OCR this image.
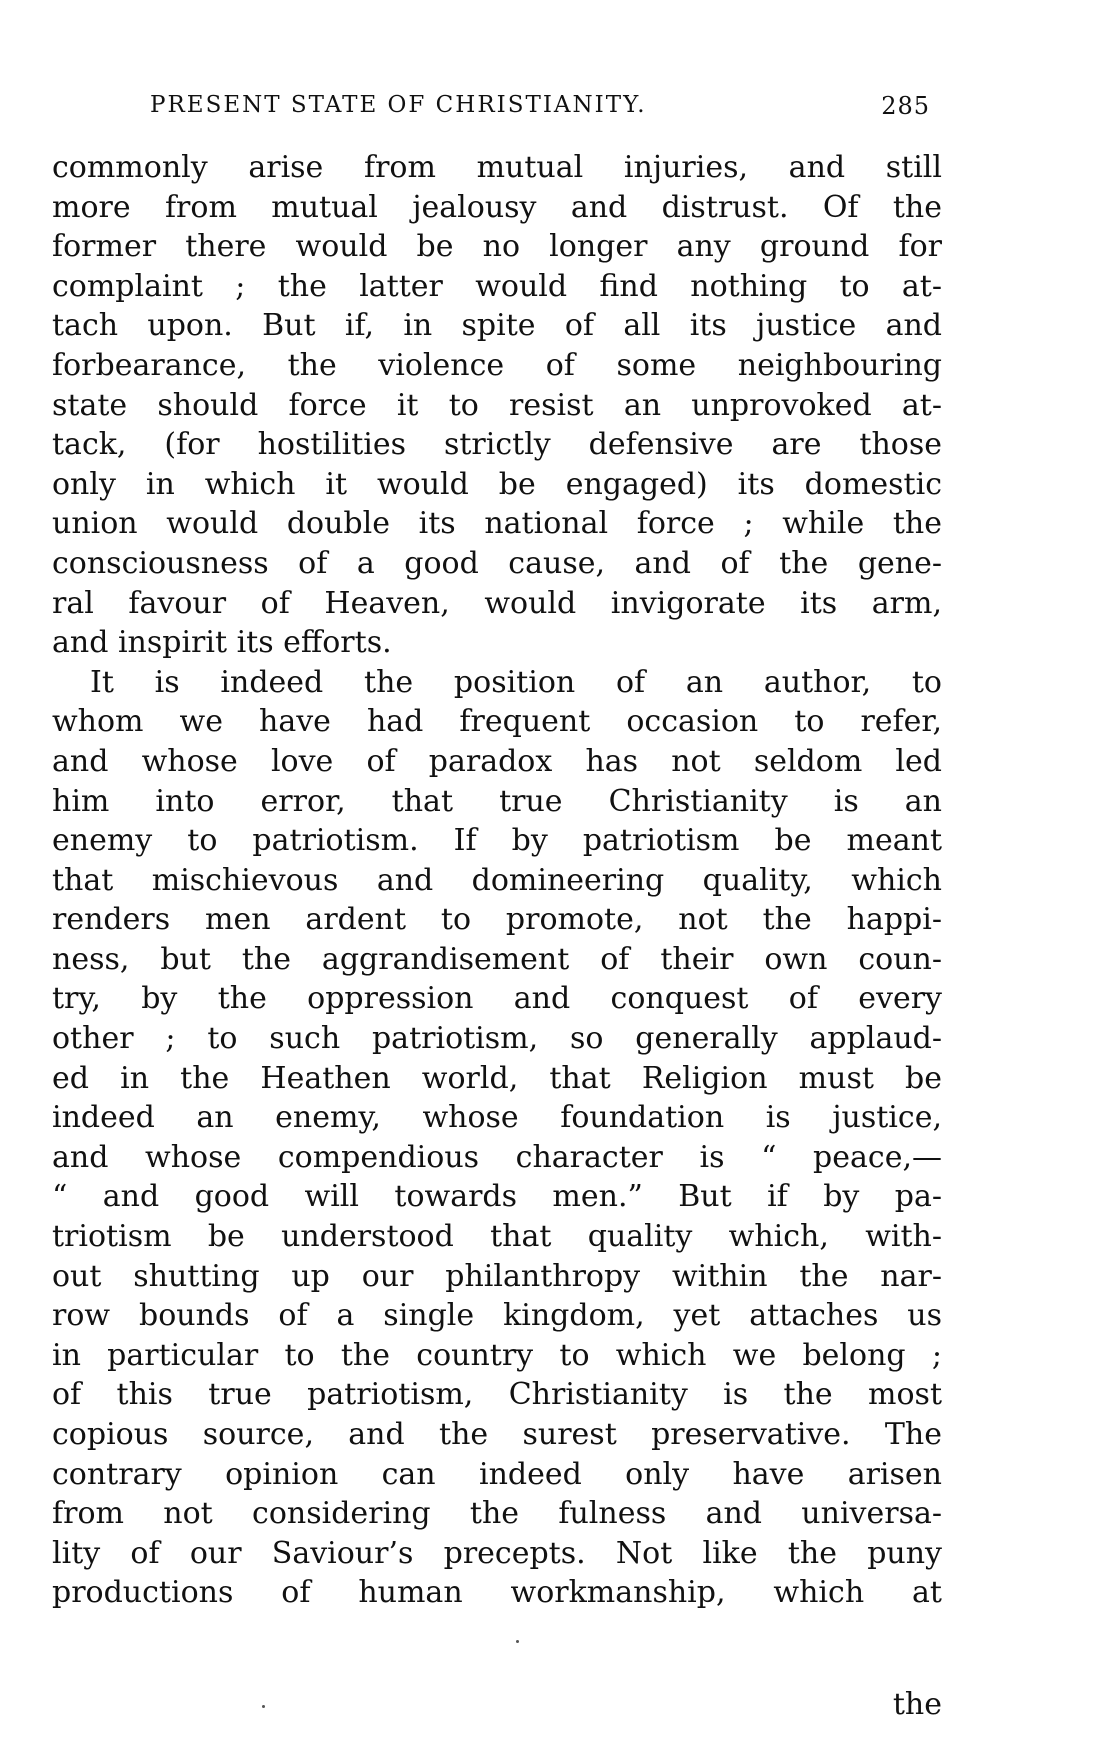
PRESENT STATE OF CHRISTIANITY.	285
commonly arise from mutual injuries, and still
more from mutual jealousy and distrust. Of the
former there would be no longer any ground for
complaint ; the latter would find nothing to at-
tach upon. But if, in spite of all its justice and
forbearance, the violence of some neighbouring
state should force it to resist an unprovoked at-
tack, (for hostilities strictly defensive are those
only in which it would be engaged) its domestic
union would double its national force ; while the
consciousness of a good cause, and of the gene-
ral favour of Heaven, would invigorate its arm,
and inspirit its efforts.
It is indeed the position of an author, to
whom we have had frequent occasion to refer,
and whose love of paradox has not seldom led
him into error, that true Christianity is an
enemy to patriotism. If by patriotism be meant
that mischievous and domineering quality, which
renders men ardent to promote, not the happi-
ness, but the aggrandisement of their own coun-
try, by the oppression and conquest of every
other ; to such patriotism, so generally applaud-
ed in the Heathen world, that Religion must be
indeed an enemy, whose foundation is justice,
and whose compendious character is “ peace,—
“ and good will towards men.” But if by pa-
triotism be understood that quality which, with-
out shutting up our philanthropy within the nar-
row bounds of a single kingdom, yet attaches us
in particular to the country to which we belong ;
of this true patriotism, Christianity is the most
copious source, and the surest preservative. The
contrary opinion can indeed only have arisen
from not considering the fulness and universa-
lity of our Saviour’s precepts. Not like the puny
productions of human workmanship, which at
the
